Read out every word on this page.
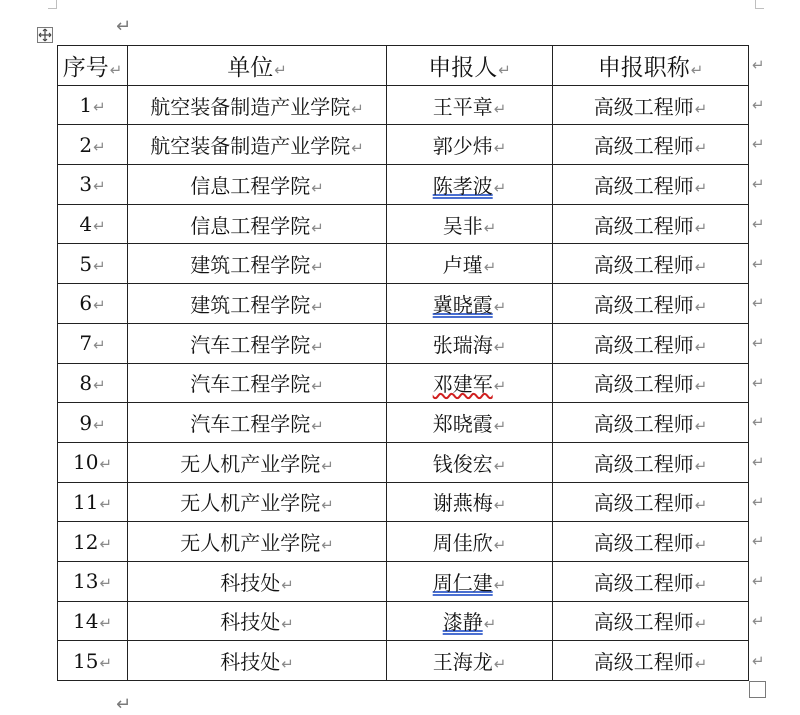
↵
序号↵	单位↵	申报人↵	申报职称↵
1↵	航空装备制造产业学院↵	王平章↵	高级工程师↵
2↵	航空装备制造产业学院↵	郭少炜↵	高级工程师↵
3↵	信息工程学院↵	陈孝波↵	高级工程师↵
4↵	信息工程学院↵	吴非↵	高级工程师↵
5↵	建筑工程学院↵	卢瑾↵	高级工程师↵
6↵	建筑工程学院↵	冀晓霞↵	高级工程师↵
7↵	汽车工程学院↵	张瑞海↵	高级工程师↵
8↵	汽车工程学院↵	邓建军↵	高级工程师↵
9↵	汽车工程学院↵	郑晓霞↵	高级工程师↵
10↵	无人机产业学院↵	钱俊宏↵	高级工程师↵
11↵	无人机产业学院↵	谢燕梅↵	高级工程师↵
12↵	无人机产业学院↵	周佳欣↵	高级工程师↵
13↵	科技处↵	周仁建↵	高级工程师↵
14↵	科技处↵	漆静↵	高级工程师↵
15↵	科技处↵	王海龙↵	高级工程师↵
↵
↵
↵
↵
↵
↵
↵
↵
↵
↵
↵
↵
↵
↵
↵
↵
↵
